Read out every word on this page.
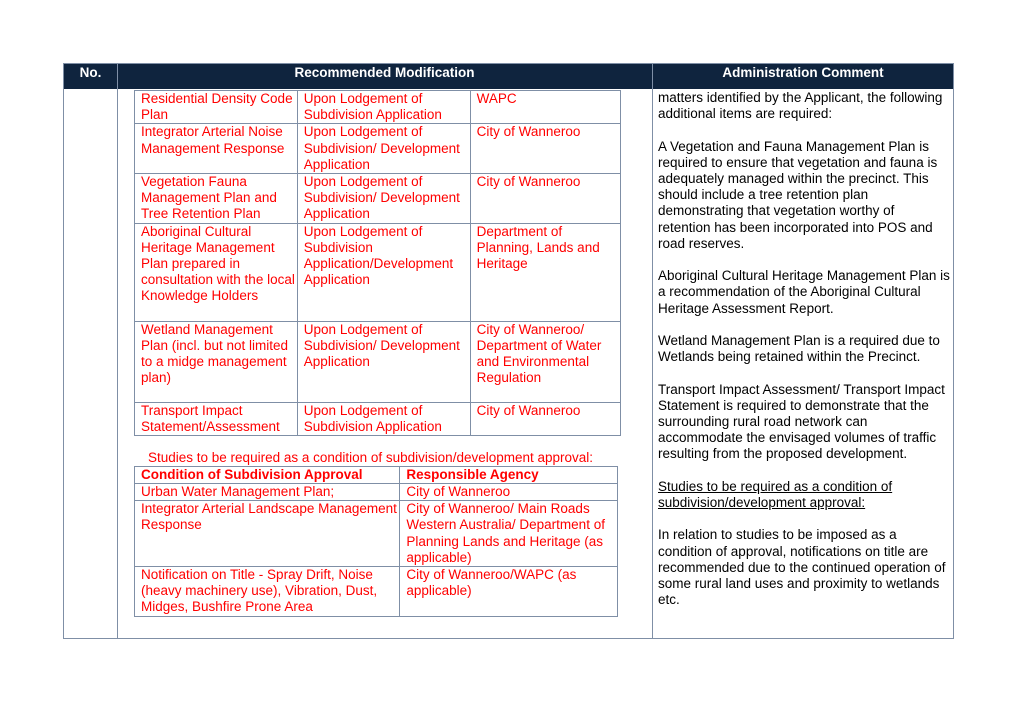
No.	Recommended Modification	Administration Comment
Residential Density Code Plan	Upon Lodgement of Subdivision Application	WAPC
Integrator Arterial Noise Management Response	Upon Lodgement of Subdivision/ Development Application	City of Wanneroo
Vegetation Fauna Management Plan and Tree Retention Plan	Upon Lodgement of Subdivision/ Development Application	City of Wanneroo
Aboriginal Cultural Heritage Management Plan prepared in consultation with the local Knowledge Holders	Upon Lodgement of Subdivision Application/Development Application	Department of Planning, Lands and Heritage
Wetland Management Plan (incl. but not limited to a midge management plan)	Upon Lodgement of Subdivision/ Development Application	City of Wanneroo/ Department of Water and Environmental Regulation
Transport Impact Statement/Assessment	Upon Lodgement of Subdivision Application	City of Wanneroo
Studies to be required as a condition of subdivision/development approval:
Condition of Subdivision Approval	Responsible Agency
Urban Water Management Plan;	City of Wanneroo
Integrator Arterial Landscape Management Response	City of Wanneroo/ Main Roads Western Australia/ Department of Planning Lands and Heritage (as applicable)
Notification on Title - Spray Drift, Noise (heavy machinery use), Vibration, Dust, Midges, Bushfire Prone Area	City of Wanneroo/WAPC (as applicable)

matters identified by the Applicant, the following additional items are required:

A Vegetation and Fauna Management Plan is required to ensure that vegetation and fauna is adequately managed within the precinct. This should include a tree retention plan demonstrating that vegetation worthy of retention has been incorporated into POS and road reserves.

Aboriginal Cultural Heritage Management Plan is a recommendation of the Aboriginal Cultural Heritage Assessment Report.

Wetland Management Plan is a required due to Wetlands being retained within the Precinct.

Transport Impact Assessment/ Transport Impact Statement is required to demonstrate that the surrounding rural road network can accommodate the envisaged volumes of traffic resulting from the proposed development.

Studies to be required as a condition of subdivision/development approval:

In relation to studies to be imposed as a condition of approval, notifications on title are recommended due to the continued operation of some rural land uses and proximity to wetlands etc.
